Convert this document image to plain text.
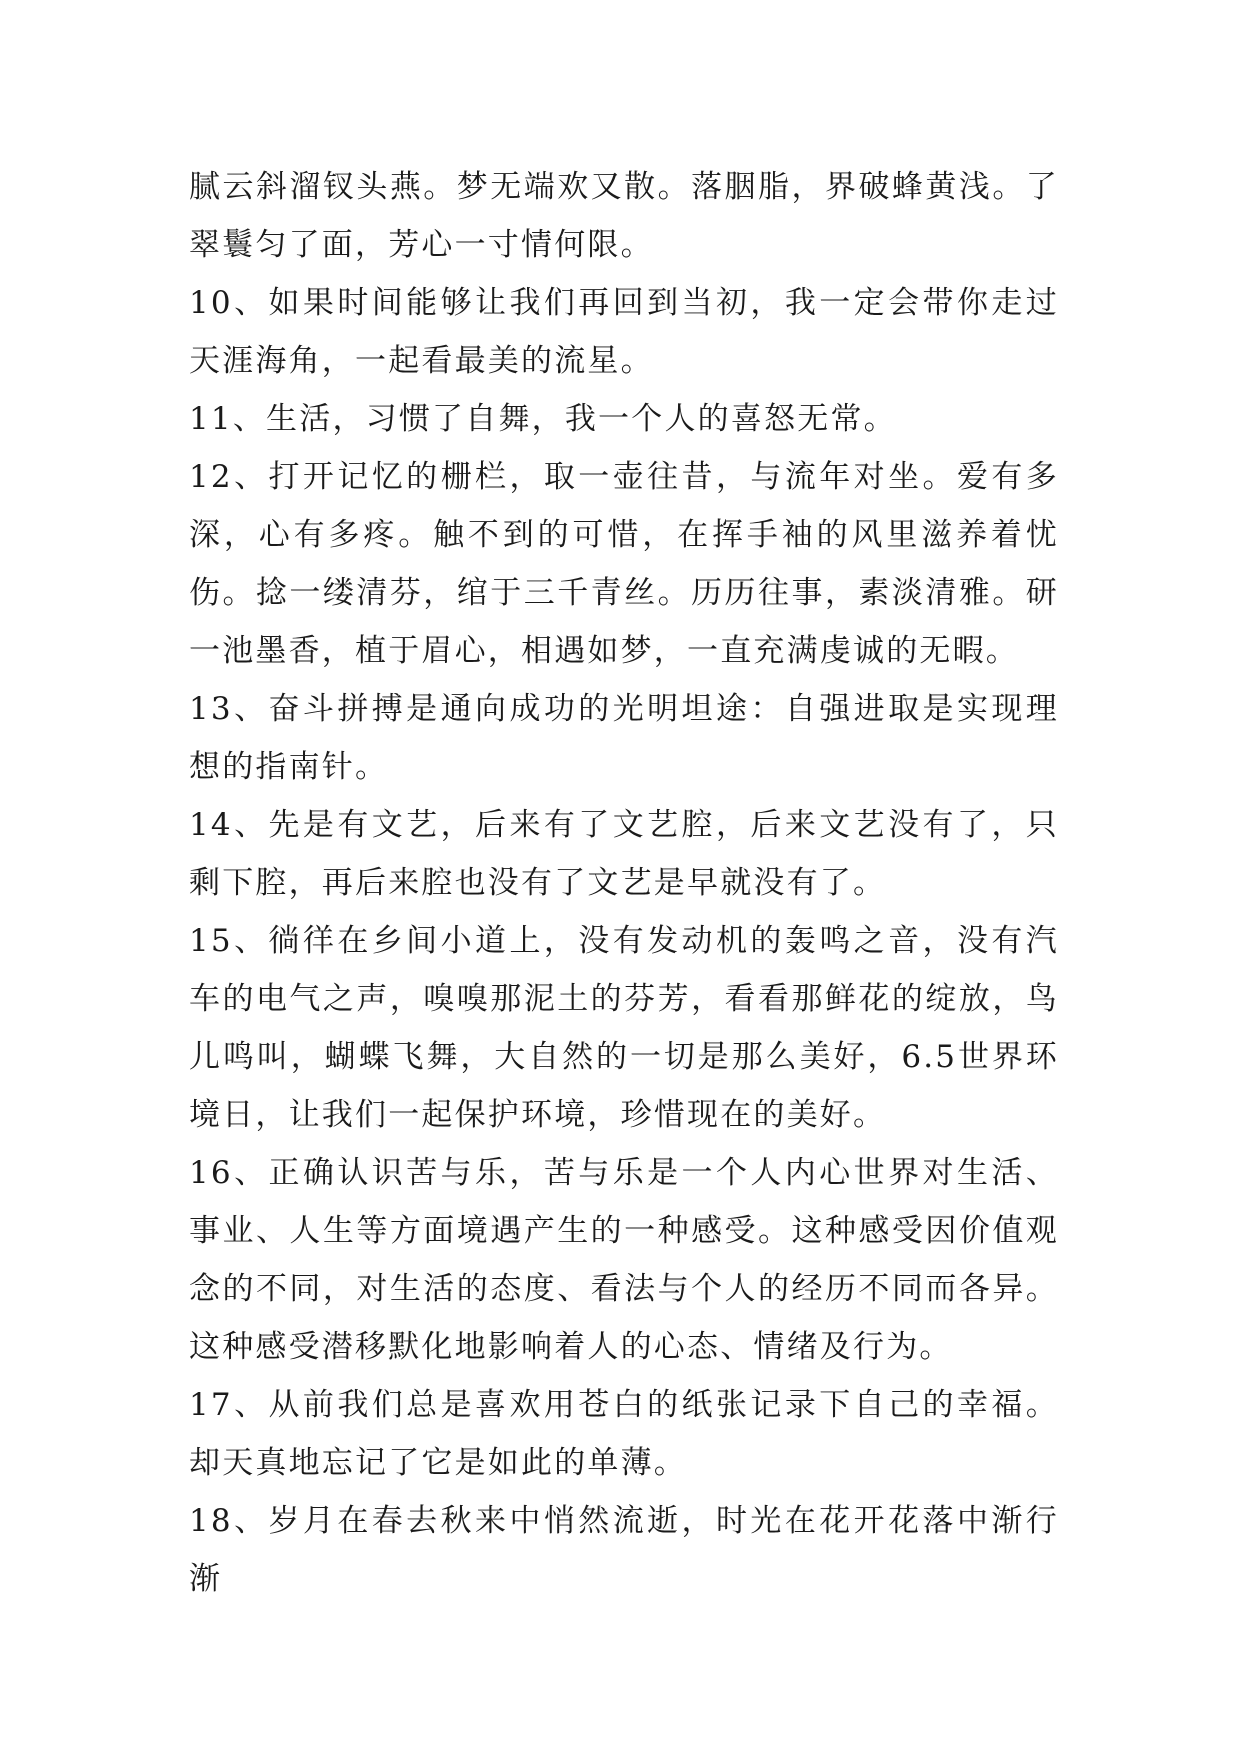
腻云斜溜钗头燕。梦无端欢又散。落胭脂，界破蜂黄浅。了翠鬟匀了面，芳心一寸情何限。

10、如果时间能够让我们再回到当初，我一定会带你走过天涯海角，一起看最美的流星。

11、生活，习惯了自舞，我一个人的喜怒无常。

12、打开记忆的栅栏，取一壶往昔，与流年对坐。爱有多深，心有多疼。触不到的可惜，在挥手袖的风里滋养着忧伤。捻一缕清芬，绾于三千青丝。历历往事，素淡清雅。研一池墨香，植于眉心，相遇如梦，一直充满虔诚的无暇。

13、奋斗拼搏是通向成功的光明坦途：自强进取是实现理想的指南针。

14、先是有文艺，后来有了文艺腔，后来文艺没有了，只剩下腔，再后来腔也没有了文艺是早就没有了。

15、徜徉在乡间小道上，没有发动机的轰鸣之音，没有汽车的电气之声，嗅嗅那泥土的芬芳，看看那鲜花的绽放，鸟儿鸣叫，蝴蝶飞舞，大自然的一切是那么美好，6.5世界环境日，让我们一起保护环境，珍惜现在的美好。

16、正确认识苦与乐，苦与乐是一个人内心世界对生活、事业、人生等方面境遇产生的一种感受。这种感受因价值观念的不同，对生活的态度、看法与个人的经历不同而各异。这种感受潜移默化地影响着人的心态、情绪及行为。

17、从前我们总是喜欢用苍白的纸张记录下自己的幸福。却天真地忘记了它是如此的单薄。

18、岁月在春去秋来中悄然流逝，时光在花开花落中渐行渐
